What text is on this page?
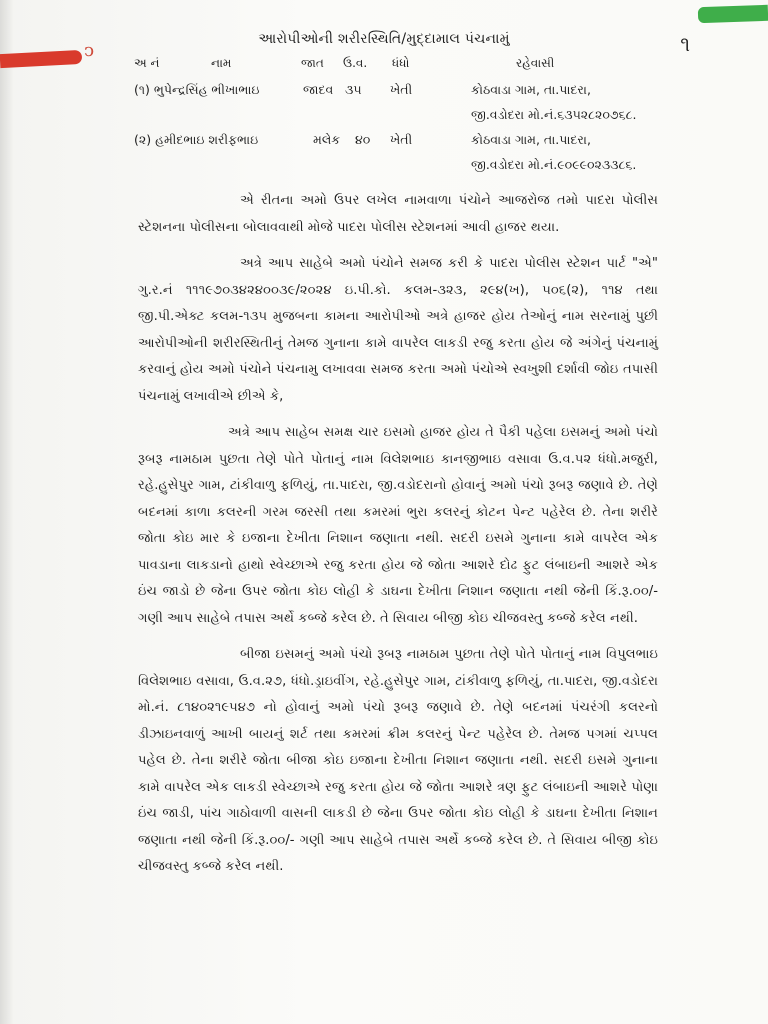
ↄ
આરોપીઓની શરીરસ્થિતિ/મુદ્દામાલ પંચનામું	૧
અ નં	નામ	જાત ઉ.વ. ધંધો	રહેવાસી
(૧) ભુપેન્દ્રસિંહ ભીખાભાઇ	જાદવ ૩૫ ખેતી	કોઠવાડા ગામ, તા.પાદરા,
જી.વડોદરા મો.નં.૬૩૫૨૮૨૦૭૬૮.
(૨) હમીદભાઇ શરીફભાઇ	મલેક ૪૦ ખેતી	કોઠવાડા ગામ, તા.પાદરા,
જી.વડોદરા મો.નં.૯૦૯૯૦૨૩૩૮૬.

એ રીતના અમો ઉપર લખેલ નામવાળા પંચોને આજરોજ તમો પાદરા પોલીસ સ્ટેશનના પોલીસના બોલાવવાથી મોજે પાદરા પોલીસ સ્ટેશનમાં આવી હાજર થયા.

અત્રે આપ સાહેબે અમો પંચોને સમજ કરી કે પાદરા પોલીસ સ્ટેશન પાર્ટ "એ" ગુ.ર.નં ૧૧૧૯૭૦૩૪૨૪૦૦૩૯/૨૦૨૪ ઇ.પી.કો. કલમ-૩૨૩, ૨૯૪(ખ), ૫૦૬(૨), ૧૧૪ તથા જી.પી.એક્ટ કલમ-૧૩૫ મુજબના કામના આરોપીઓ અત્રે હાજર હોય તેઓનું નામ સરનામું પુછી આરોપીઓની શરીરસ્થિતીનું તેમજ ગુનાના કામે વાપરેલ લાકડી રજુ કરતા હોય જે અંગેનું પંચનામું કરવાનું હોય અમો પંચોને પંચનામુ લખાવવા સમજ કરતા અમો પંચોએ સ્વખુશી દર્શાવી જોઇ તપાસી પંચનામું લખાવીએ છીએ કે,

અત્રે આપ સાહેબ સમક્ષ ચાર ઇસમો હાજર હોય તે પૈકી પહેલા ઇસમનું અમો પંચો રૂબરૂ નામઠામ પુછતા તેણે પોતે પોતાનું નામ વિલેશભાઇ કાનજીભાઇ વસાવા ઉ.વ.૫૨ ધંધો.મજુરી, રહે.હુસેપુર ગામ, ટાંકીવાળુ ફળિયું, તા.પાદરા, જી.વડોદરાનો હોવાનું અમો પંચો રૂબરૂ જણાવે છે. તેણે બદનમાં કાળા કલરની ગરમ જરસી તથા કમરમાં ભુરા કલરનું કોટન પેન્ટ પહેરેલ છે. તેના શરીરે જોતા કોઇ માર કે ઇજાના દેખીતા નિશાન જણાતા નથી. સદરી ઇસમે ગુનાના કામે વાપરેલ એક પાવડાના લાકડાનો હાથો સ્વેચ્છાએ રજુ કરતા હોય જે જોતા આશરે દોઢ ફુટ લંબાઇની આશરે એક ઇંચ જાડો છે જેના ઉપર જોતા કોઇ લોહી કે ડાઘના દેખીતા નિશાન જણાતા નથી જેની કિં.રૂ.૦૦/- ગણી આપ સાહેબે તપાસ અર્થે કબ્જે કરેલ છે. તે સિવાય બીજી કોઇ ચીજવસ્તુ કબ્જે કરેલ નથી.

બીજા ઇસમનું અમો પંચો રૂબરૂ નામઠામ પુછતા તેણે પોતે પોતાનું નામ વિપુલભાઇ વિલેશભાઇ વસાવા, ઉ.વ.૨૭, ધંધો.ડ્રાઇવીંગ, રહે.હુસેપુર ગામ, ટાંકીવાળુ ફળિયું, તા.પાદરા, જી.વડોદરા મો.નં. ૮૧૪૦૨૧૯૫૪૭ નો હોવાનું અમો પંચો રૂબરૂ જણાવે છે. તેણે બદનમાં પંચરંગી કલરનો ડીઝાઇનવાળું આખી બાયનું શર્ટ તથા કમરમાં ક્રીમ કલરનું પેન્ટ પહેરેલ છે. તેમજ પગમાં ચપ્પલ પહેલ છે. તેના શરીરે જોતા બીજા કોઇ ઇજાના દેખીતા નિશાન જણાતા નથી. સદરી ઇસમે ગુનાના કામે વાપરેલ એક લાકડી સ્વેચ્છાએ રજુ કરતા હોય જે જોતા આશરે ત્રણ ફુટ લંબાઇની આશરે પોણા ઇંચ જાડી, પાંચ ગાઠોવાળી વાસની લાકડી છે જેના ઉપર જોતા કોઇ લોહી કે ડાઘના દેખીતા નિશાન જણાતા નથી જેની કિં.રૂ.૦૦/- ગણી આપ સાહેબે તપાસ અર્થે કબ્જે કરેલ છે. તે સિવાય બીજી કોઇ ચીજવસ્તુ કબ્જે કરેલ નથી.
